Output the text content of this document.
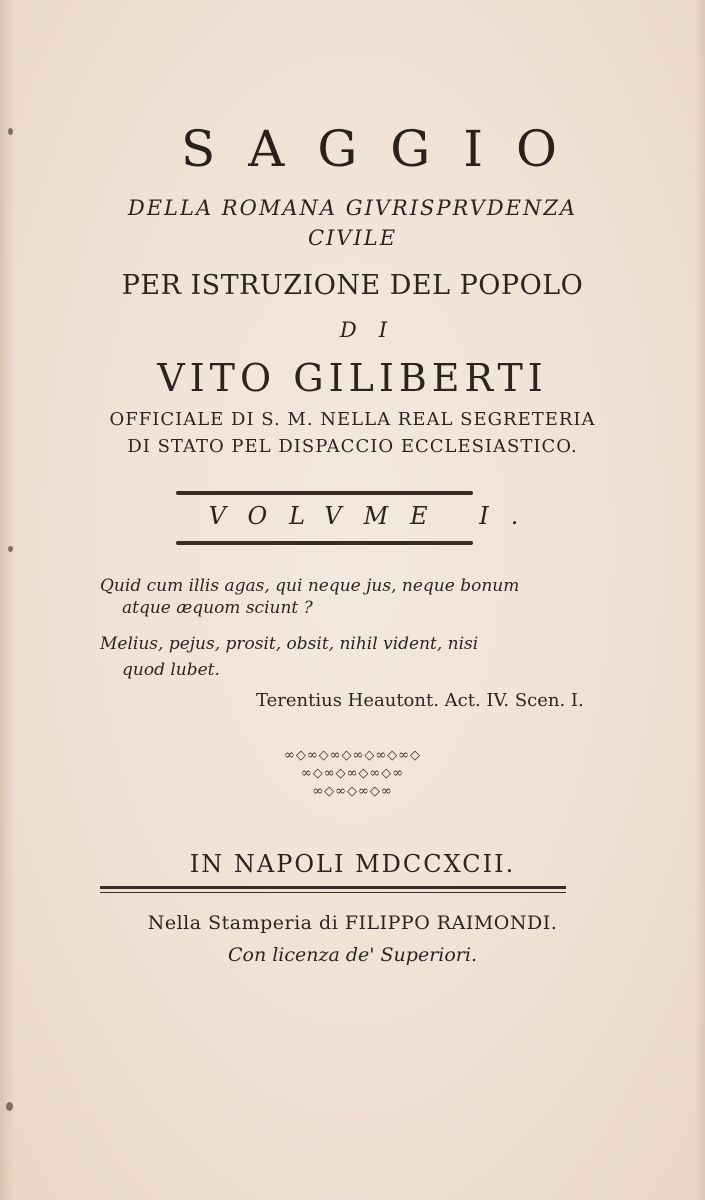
SAGGIO
DELLA ROMANA GIVRISPRVDENZA
CIVILE
PER ISTRUZIONE DEL POPOLO
DI
VITO GILIBERTI
OFFICIALE DI S. M. NELLA REAL SEGRETERIA
DI STATO PEL DISPACCIO ECCLESIASTICO.
VOLVME I.
Quid cum illis agas, qui neque jus, neque bonum
atque æquom sciunt ?
Melius, pejus, prosit, obsit, nihil vident, nisi
quod lubet.
Terentius Heautont. Act. IV. Scen. I.
∞◇∞◇∞◇∞◇∞◇∞◇
∞◇∞◇∞◇∞◇∞
∞◇∞◇∞◇∞
IN NAPOLI MDCCXCII.
Nella Stamperia di FILIPPO RAIMONDI.
Con licenza de' Superiori.
